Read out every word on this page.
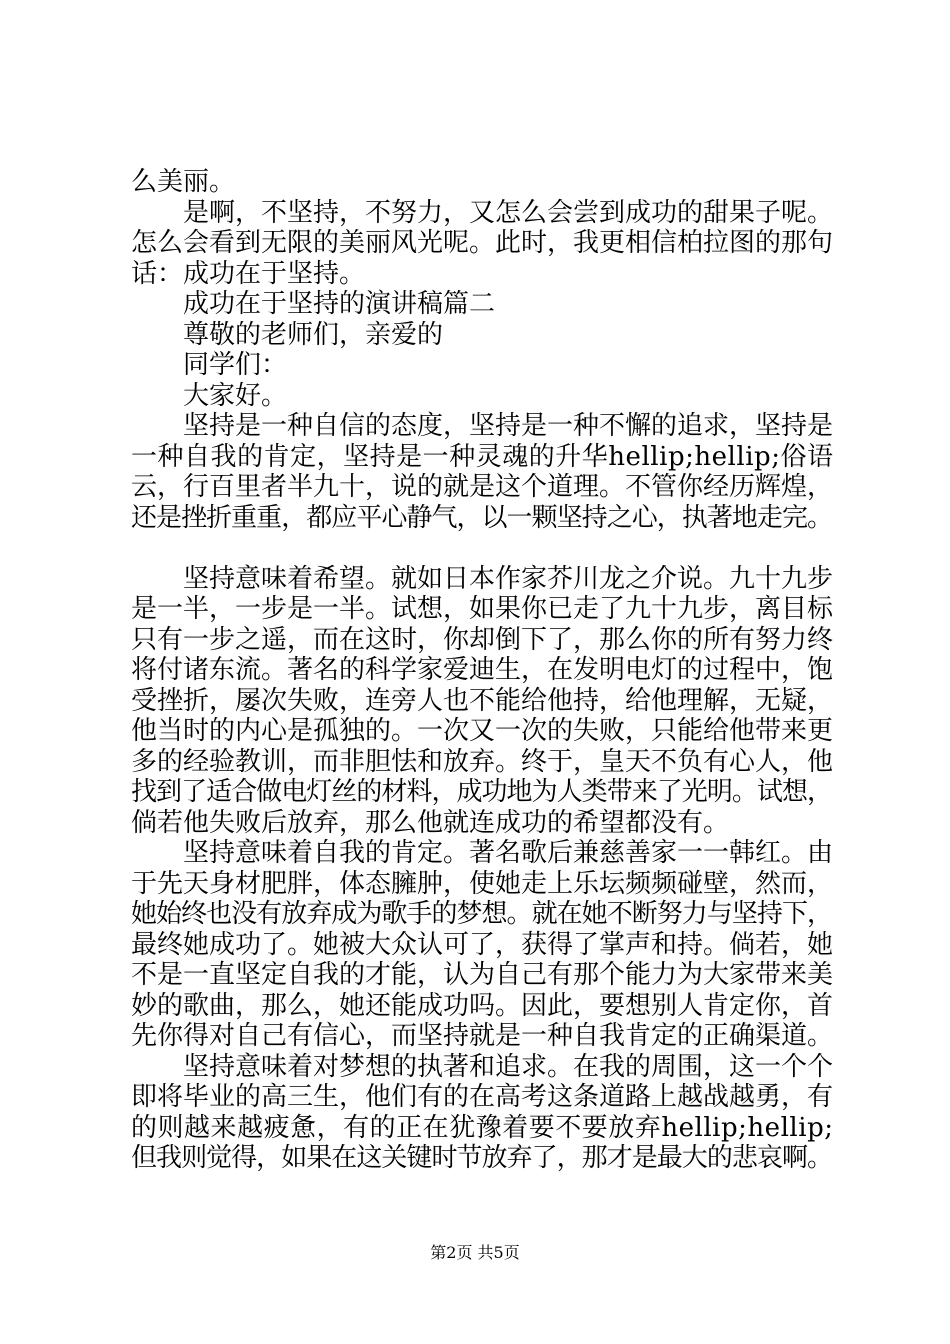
么美丽。
是啊，不坚持，不努力，又怎么会尝到成功的甜果子呢。
怎么会看到无限的美丽风光呢。此时，我更相信柏拉图的那句
话：成功在于坚持。
成功在于坚持的演讲稿篇二
尊敬的老师们，亲爱的
同学们：
大家好。
坚持是一种自信的态度，坚持是一种不懈的追求，坚持是
一种自我的肯定，坚持是一种灵魂的升华hellip;hellip;俗语
云，行百里者半九十，说的就是这个道理。不管你经历辉煌，
还是挫折重重，都应平心静气，以一颗坚持之心，执著地走完。
坚持意味着希望。就如日本作家芥川龙之介说。九十九步
是一半，一步是一半。试想，如果你已走了九十九步，离目标
只有一步之遥，而在这时，你却倒下了，那么你的所有努力终
将付诸东流。著名的科学家爱迪生，在发明电灯的过程中，饱
受挫折，屡次失败，连旁人也不能给他持，给他理解，无疑，
他当时的内心是孤独的。一次又一次的失败，只能给他带来更
多的经验教训，而非胆怯和放弃。终于，皇天不负有心人，他
找到了适合做电灯丝的材料，成功地为人类带来了光明。试想，
倘若他失败后放弃，那么他就连成功的希望都没有。
坚持意味着自我的肯定。著名歌后兼慈善家一一韩红。由
于先天身材肥胖，体态臃肿，使她走上乐坛频频碰壁，然而，
她始终也没有放弃成为歌手的梦想。就在她不断努力与坚持下，
最终她成功了。她被大众认可了，获得了掌声和持。倘若，她
不是一直坚定自我的才能，认为自己有那个能力为大家带来美
妙的歌曲，那么，她还能成功吗。因此，要想别人肯定你，首
先你得对自己有信心，而坚持就是一种自我肯定的正确渠道。
坚持意味着对梦想的执著和追求。在我的周围，这一个个
即将毕业的高三生，他们有的在高考这条道路上越战越勇，有
的则越来越疲惫，有的正在犹豫着要不要放弃hellip;hellip;
但我则觉得，如果在这关键时节放弃了，那才是最大的悲哀啊。
第2页 共5页
